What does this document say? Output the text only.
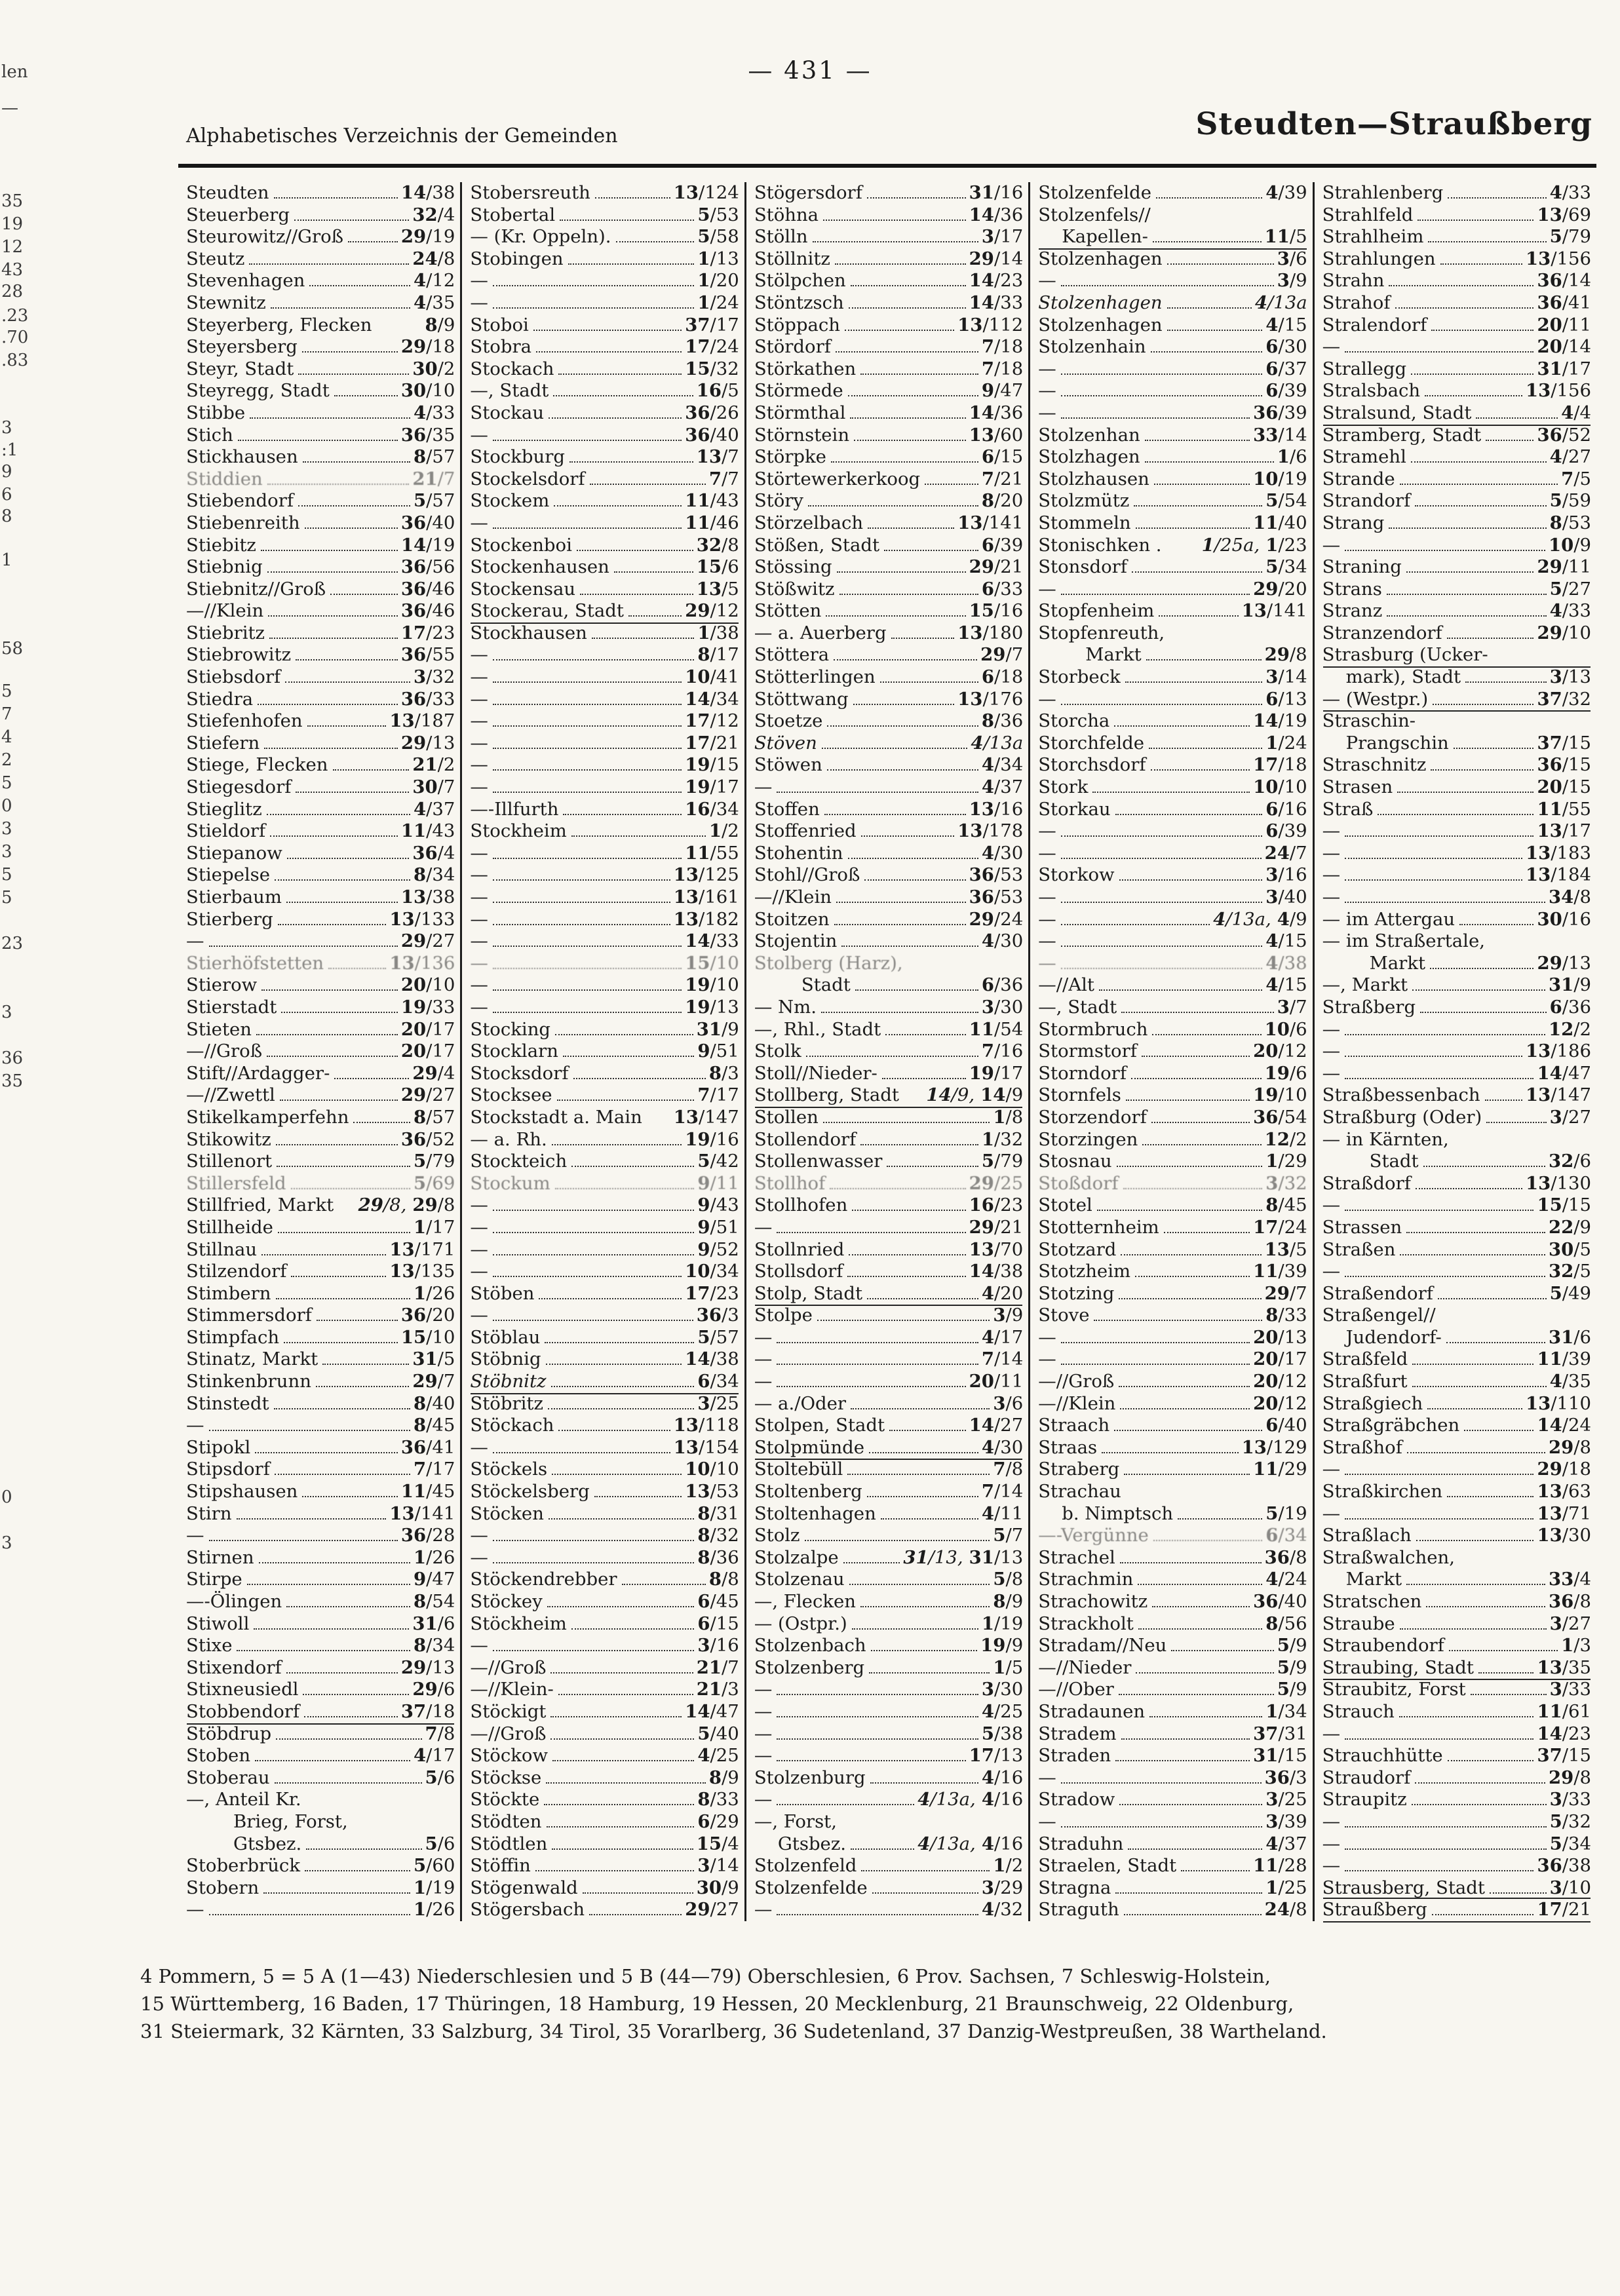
— 431 —
Alphabetisches Verzeichnis der Gemeinden	Steudten—Straußberg
Steudten	14/38
Steuerberg	32/4
Steurowitz//Groß	29/19
Steutz	24/8
Stevenhagen	4/12
Stewnitz	4/35
Steyerberg, Flecken	8/9
Steyersberg	29/18
Steyr, Stadt	30/2
Steyregg, Stadt	30/10
Stibbe	4/33
Stich	36/35
Stickhausen	8/57
Stiddien	21/7
Stiebendorf	5/57
Stiebenreith	36/40
Stiebitz	14/19
Stiebnig	36/56
Stiebnitz//Groß	36/46
—//Klein	36/46
Stiebritz	17/23
Stiebrowitz	36/55
Stiebsdorf	3/32
Stiedra	36/33
Stiefenhofen	13/187
Stiefern	29/13
Stiege, Flecken	21/2
Stiegesdorf	30/7
Stieglitz	4/37
Stieldorf	11/43
Stiepanow	36/4
Stiepelse	8/34
Stierbaum	13/38
Stierberg	13/133
—	29/27
Stierhöfstetten	13/136
Stierow	20/10
Stierstadt	19/33
Stieten	20/17
—//Groß	20/17
Stift//Ardagger-	29/4
—//Zwettl	29/27
Stikelkamperfehn	8/57
Stikowitz	36/52
Stillenort	5/79
Stillersfeld	5/69
Stillfried, Markt 29/8, 29/8
Stillheide	1/17
Stillnau	13/171
Stilzendorf	13/135
Stimbern	1/26
Stimmersdorf	36/20
Stimpfach	15/10
Stinatz, Markt	31/5
Stinkenbrunn	29/7
Stinstedt	8/40
—	8/45
Stipokl	36/41
Stipsdorf	7/17
Stipshausen	11/45
Stirn	13/141
—	36/28
Stirnen	1/26
Stirpe	9/47
—-Ölingen	8/54
Stiwoll	31/6
Stixe	8/34
Stixendorf	29/13
Stixneusiedl	29/6
Stobbendorf	37/18
Stöbdrup	7/8
Stoben	4/17
Stoberau	5/6
—, Anteil Kr.
Brieg, Forst,
Gtsbez.	5/6
Stoberbrück	5/60
Stobern	1/19
—	1/26
Stobersreuth	13/124
Stobertal	5/53
— (Kr. Oppeln).	5/58
Stobingen	1/13
—	1/20
—	1/24
Stoboi	37/17
Stobra	17/24
Stockach	15/32
—, Stadt	16/5
Stockau	36/26
—	36/40
Stockburg	13/7
Stockelsdorf	7/7
Stockem	11/43
—	11/46
Stockenboi	32/8
Stockenhausen	15/6
Stockensau	13/5
Stockerau, Stadt	29/12
Stockhausen	1/38
—	8/17
—	10/41
—	14/34
—	17/12
—	17/21
—	19/15
—	19/17
—-Illfurth	16/34
Stockheim	1/2
—	11/55
—	13/125
—	13/161
—	13/182
—	14/33
—	15/10
—	19/10
—	19/13
Stocking	31/9
Stocklarn	9/51
Stocksdorf	8/3
Stocksee	7/17
Stockstadt a. Main 13/147
— a. Rh.	19/16
Stockteich	5/42
Stockum	9/11
—	9/43
—	9/51
—	9/52
—	10/34
Stöben	17/23
—	36/3
Stöblau	5/57
Stöbnig	14/38
Stöbnitz	6/34
Stöbritz	3/25
Stöckach	13/118
—	13/154
Stöckels	10/10
Stöckelsberg	13/53
Stöcken	8/31
—	8/32
—	8/36
Stöckendrebber	8/8
Stöckey	6/45
Stöckheim	6/15
—	3/16
—//Groß	21/7
—//Klein-	21/3
Stöckigt	14/47
—//Groß	5/40
Stöckow	4/25
Stöckse	8/9
Stöckte	8/33
Stödten	6/29
Stödtlen	15/4
Stöffin	3/14
Stögenwald	30/9
Stögersbach	29/27
Stögersdorf	31/16
Stöhna	14/36
Stölln	3/17
Stöllnitz	29/14
Stölpchen	14/23
Stöntzsch	14/33
Stöppach	13/112
Stördorf	7/18
Störkathen	7/18
Störmede	9/47
Störmthal	14/36
Störnstein	13/60
Störpke	6/15
Störtewerkerkoog	7/21
Störy	8/20
Störzelbach	13/141
Stößen, Stadt	6/39
Stössing	29/21
Stößwitz	6/33
Stötten	15/16
— a. Auerberg	13/180
Stöttera	29/7
Stötterlingen	6/18
Stöttwang	13/176
Stoetze	8/36
Stöven	4/13a
Stöwen	4/34
—	4/37
Stoffen	13/16
Stoffenried	13/178
Stohentin	4/30
Stohl//Groß	36/53
—//Klein	36/53
Stoitzen	29/24
Stojentin	4/30
Stolberg (Harz),
Stadt	6/36
— Nm.	3/30
—, Rhl., Stadt	11/54
Stolk	7/16
Stoll//Nieder-	19/17
Stollberg, Stadt 14/9, 14/9
Stollen	1/8
Stollendorf	1/32
Stollenwasser	5/79
Stollhof	29/25
Stollhofen	16/23
—	29/21
Stollnried	13/70
Stollsdorf	14/38
Stolp, Stadt	4/20
Stolpe	3/9
—	4/17
—	7/14
—	20/11
— a./Oder	3/6
Stolpen, Stadt	14/27
Stolpmünde	4/30
Stoltebüll	7/8
Stoltenberg	7/14
Stoltenhagen	4/11
Stolz	5/7
Stolzalpe	31/13, 31/13
Stolzenau	5/8
—, Flecken	8/9
— (Ostpr.)	1/19
Stolzenbach	19/9
Stolzenberg	1/5
—	3/30
—	4/25
—	5/38
—	17/13
Stolzenburg	4/16
—	4/13a, 4/16
—, Forst,
Gtsbez.	4/13a, 4/16
Stolzenfeld	1/2
Stolzenfelde	3/29
—	4/32
Stolzenfelde	4/39
Stolzenfels//
Kapellen-	11/5
Stolzenhagen	3/6
—	3/9
Stolzenhagen	4/13a
Stolzenhagen	4/15
Stolzenhain	6/30
—	6/37
—	6/39
—	36/39
Stolzenhan	33/14
Stolzhagen	1/6
Stolzhausen	10/19
Stolzmütz	5/54
Stommeln	11/40
Stonischken . 1/25a, 1/23
Stonsdorf	5/34
—	29/20
Stopfenheim	13/141
Stopfenreuth,
Markt	29/8
Storbeck	3/14
—	6/13
Storcha	14/19
Storchfelde	1/24
Storchsdorf	17/18
Stork	10/10
Storkau	6/16
—	6/39
—	24/7
Storkow	3/16
—	3/40
—	4/13a, 4/9
—	4/15
—	4/38
—//Alt	4/15
—, Stadt	3/7
Stormbruch	10/6
Stormstorf	20/12
Storndorf	19/6
Stornfels	19/10
Storzendorf	36/54
Storzingen	12/2
Stosnau	1/29
Stoßdorf	3/32
Stotel	8/45
Stotternheim	17/24
Stotzard	13/5
Stotzheim	11/39
Stotzing	29/7
Stove	8/33
—	20/13
—	20/17
—//Groß	20/12
—//Klein	20/12
Straach	6/40
Straas	13/129
Straberg	11/29
Strachau
b. Nimptsch	5/19
—-Vergünne	6/34
Strachel	36/8
Strachmin	4/24
Strachowitz	36/40
Strackholt	8/56
Stradam//Neu	5/9
—//Nieder	5/9
—//Ober	5/9
Stradaunen	1/34
Stradem	37/31
Straden	31/15
—	36/3
Stradow	3/25
—	3/39
Straduhn	4/37
Straelen, Stadt	11/28
Stragna	1/25
Straguth	24/8
Strahlenberg	4/33
Strahlfeld	13/69
Strahlheim	5/79
Strahlungen	13/156
Strahn	36/14
Strahof	36/41
Stralendorf	20/11
—	20/14
Strallegg	31/17
Stralsbach	13/156
Stralsund, Stadt	4/4
Stramberg, Stadt	36/52
Stramehl	4/27
Strande	7/5
Strandorf	5/59
Strang	8/53
—	10/9
Straning	29/11
Strans	5/27
Stranz	4/33
Stranzendorf	29/10
Strasburg (Ucker-
mark), Stadt	3/13
— (Westpr.)	37/32
Straschin-
Prangschin	37/15
Straschnitz	36/15
Strasen	20/15
Straß	11/55
—	13/17
—	13/183
—	13/184
—	34/8
— im Attergau	30/16
— im Straßertale,
Markt	29/13
—, Markt	31/9
Straßberg	6/36
—	12/2
—	13/186
—	14/47
Straßbessenbach	13/147
Straßburg (Oder)	3/27
— in Kärnten,
Stadt	32/6
Straßdorf	13/130
—	15/15
Strassen	22/9
Straßen	30/5
—	32/5
Straßendorf	5/49
Straßengel//
Judendorf-	31/6
Straßfeld	11/39
Straßfurt	4/35
Straßgiech	13/110
Straßgräbchen	14/24
Straßhof	29/8
—	29/18
Straßkirchen	13/63
—	13/71
Straßlach	13/30
Straßwalchen,
Markt	33/4
Stratschen	36/8
Straube	3/27
Straubendorf	1/3
Straubing, Stadt	13/35
Straubitz, Forst	3/33
Strauch	11/61
—	14/23
Strauchhütte	37/15
Straudorf	29/8
Straupitz	3/33
—	5/32
—	5/34
—	36/38
Strausberg, Stadt	3/10
Straußberg	17/21
4 Pommern, 5 = 5 A (1—43) Niederschlesien und 5 B (44—79) Oberschlesien, 6 Prov. Sachsen, 7 Schleswig-Holstein,
15 Württemberg, 16 Baden, 17 Thüringen, 18 Hamburg, 19 Hessen, 20 Mecklenburg, 21 Braunschweig, 22 Oldenburg,
31 Steiermark, 32 Kärnten, 33 Salzburg, 34 Tirol, 35 Vorarlberg, 36 Sudetenland, 37 Danzig-Westpreußen, 38 Wartheland.
len
—
35
19
12
43
28
.23
.70
.83
3
:1
9
6
8
1
58
5
7
4
2
5
0
3
3
5
5
23
3
36
35
0
3
